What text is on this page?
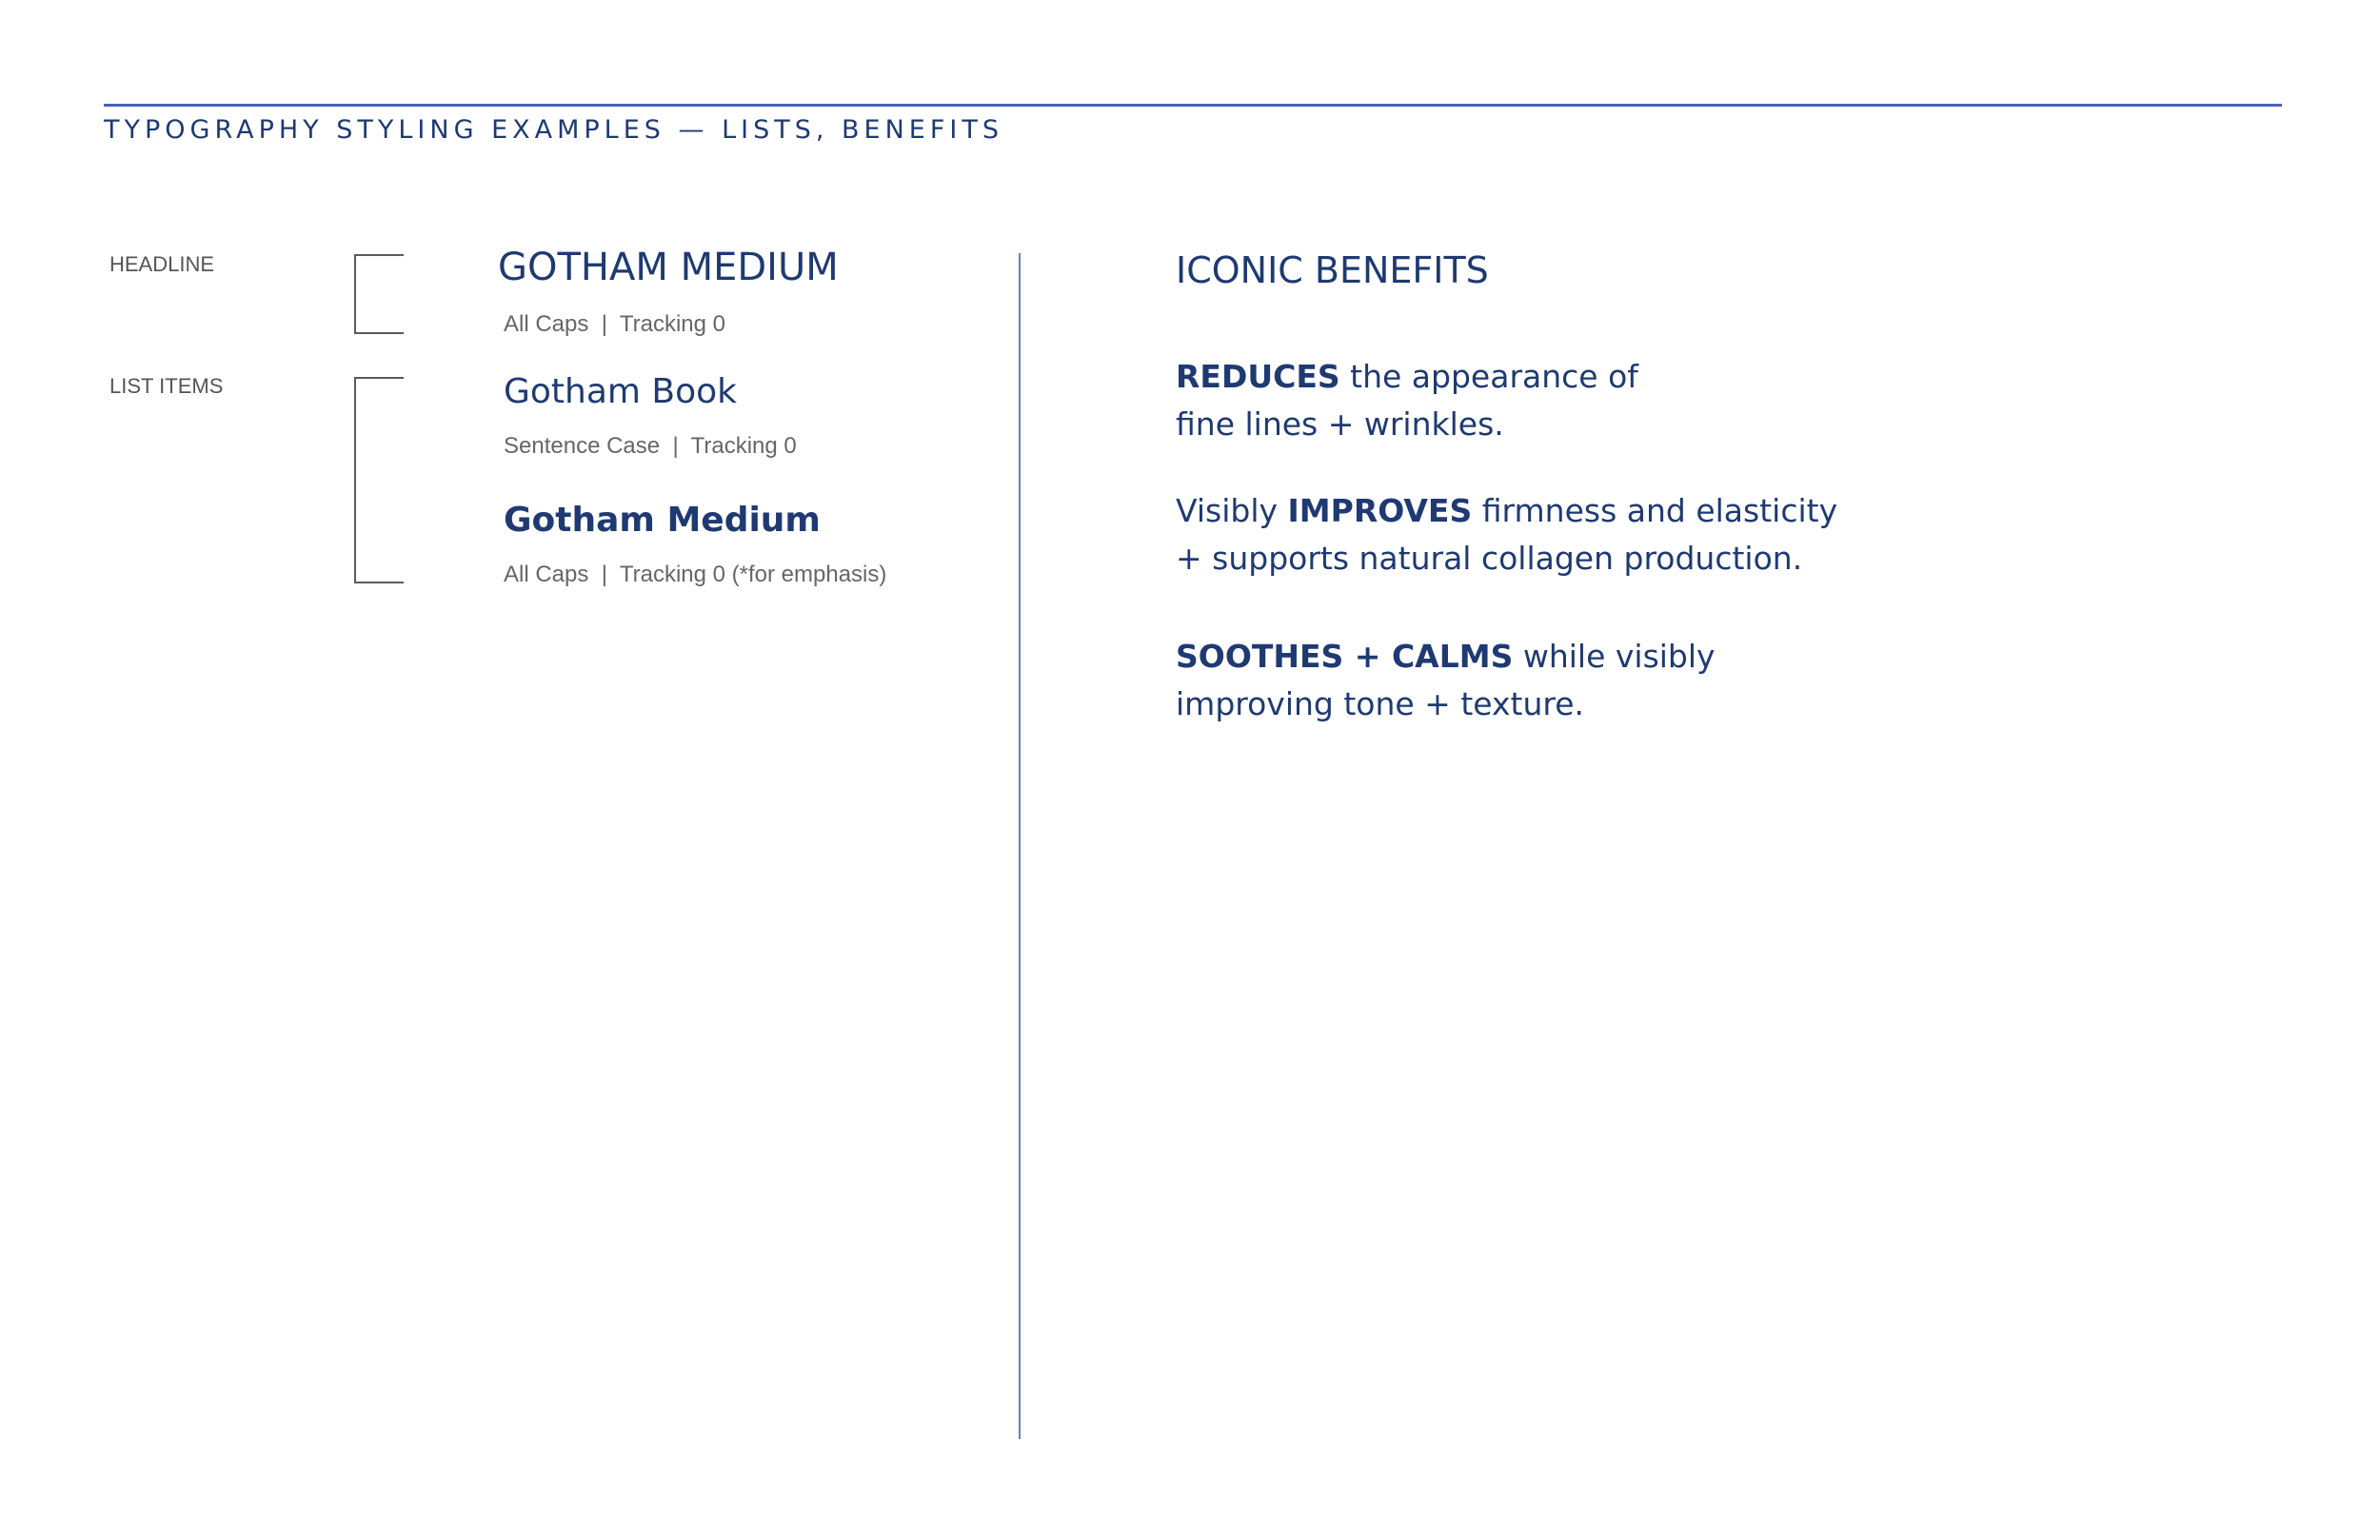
TYPOGRAPHY STYLING EXAMPLES — LISTS, BENEFITS
HEADLINE
LIST ITEMS
GOTHAM MEDIUM
All Caps  |  Tracking 0
Gotham Book
Sentence Case  |  Tracking 0
Gotham Medium
All Caps  |  Tracking 0 (*for emphasis)
ICONIC BENEFITS
REDUCES the appearance of
fine lines + wrinkles.
Visibly IMPROVES firmness and elasticity
+ supports natural collagen production.
SOOTHES + CALMS while visibly
improving tone + texture.
